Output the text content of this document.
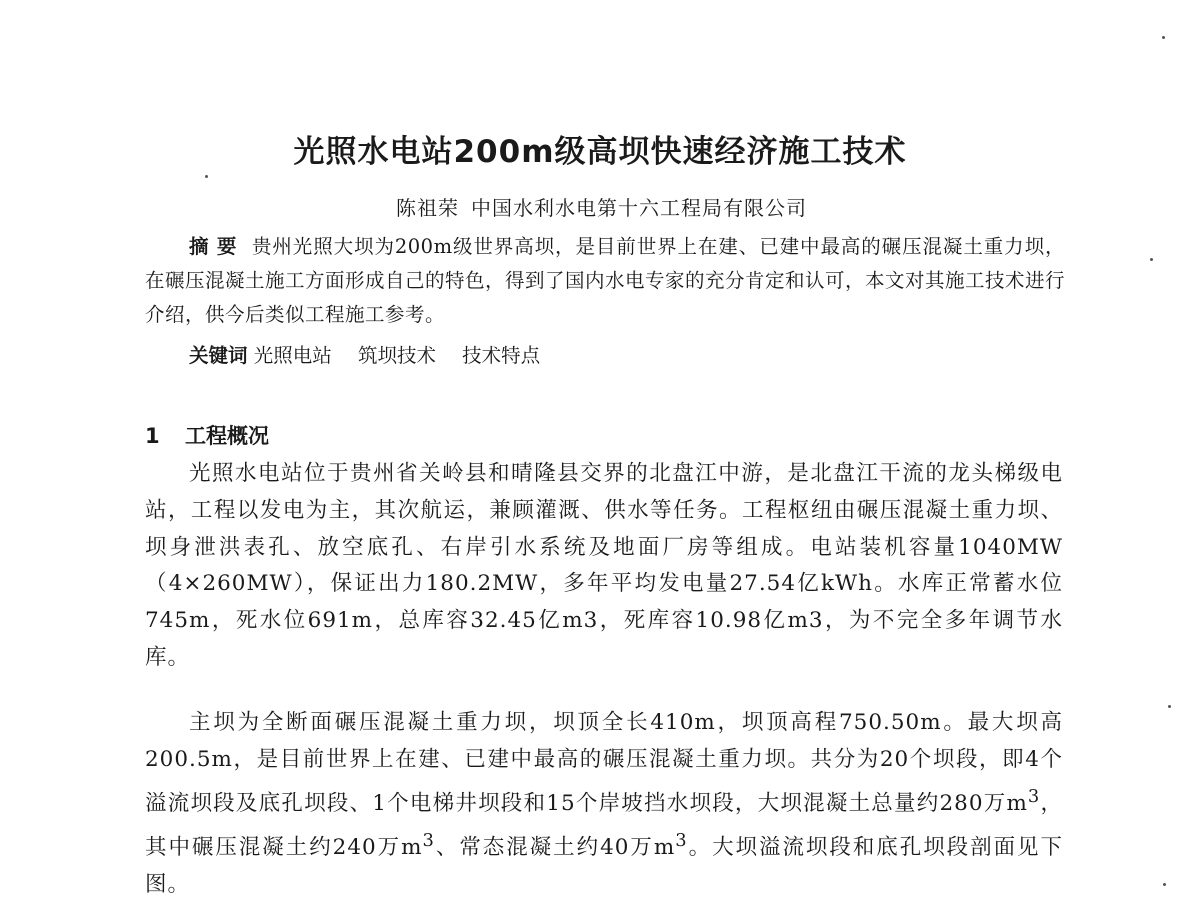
光照水电站200m级高坝快速经济施工技术
陈祖荣 中国水利水电第十六工程局有限公司

摘要 贵州光照大坝为200m级世界高坝，是目前世界上在建、已建中最高的碾压混凝土重力坝，在碾压混凝土施工方面形成自己的特色，得到了国内水电专家的充分肯定和认可，本文对其施工技术进行介绍，供今后类似工程施工参考。

关键词 光照电站 筑坝技术 技术特点
1 工程概况

光照水电站位于贵州省关岭县和晴隆县交界的北盘江中游，是北盘江干流的龙头梯级电站，工程以发电为主，其次航运，兼顾灌溉、供水等任务。工程枢纽由碾压混凝土重力坝、坝身泄洪表孔、放空底孔、右岸引水系统及地面厂房等组成。电站装机容量1040MW（4×260MW），保证出力180.2MW，多年平均发电量27.54亿kWh。水库正常蓄水位745m，死水位691m，总库容32.45亿m3，死库容10.98亿m3，为不完全多年调节水库。

主坝为全断面碾压混凝土重力坝，坝顶全长410m，坝顶高程750.50m。最大坝高200.5m，是目前世界上在建、已建中最高的碾压混凝土重力坝。共分为20个坝段，即4个溢流坝段及底孔坝段、1个电梯井坝段和15个岸坡挡水坝段，大坝混凝土总量约280万$m^3$，其中碾压混凝土约240万$m^3$、常态混凝土约40万$m^3$。大坝溢流坝段和底孔坝段剖面见下图。
